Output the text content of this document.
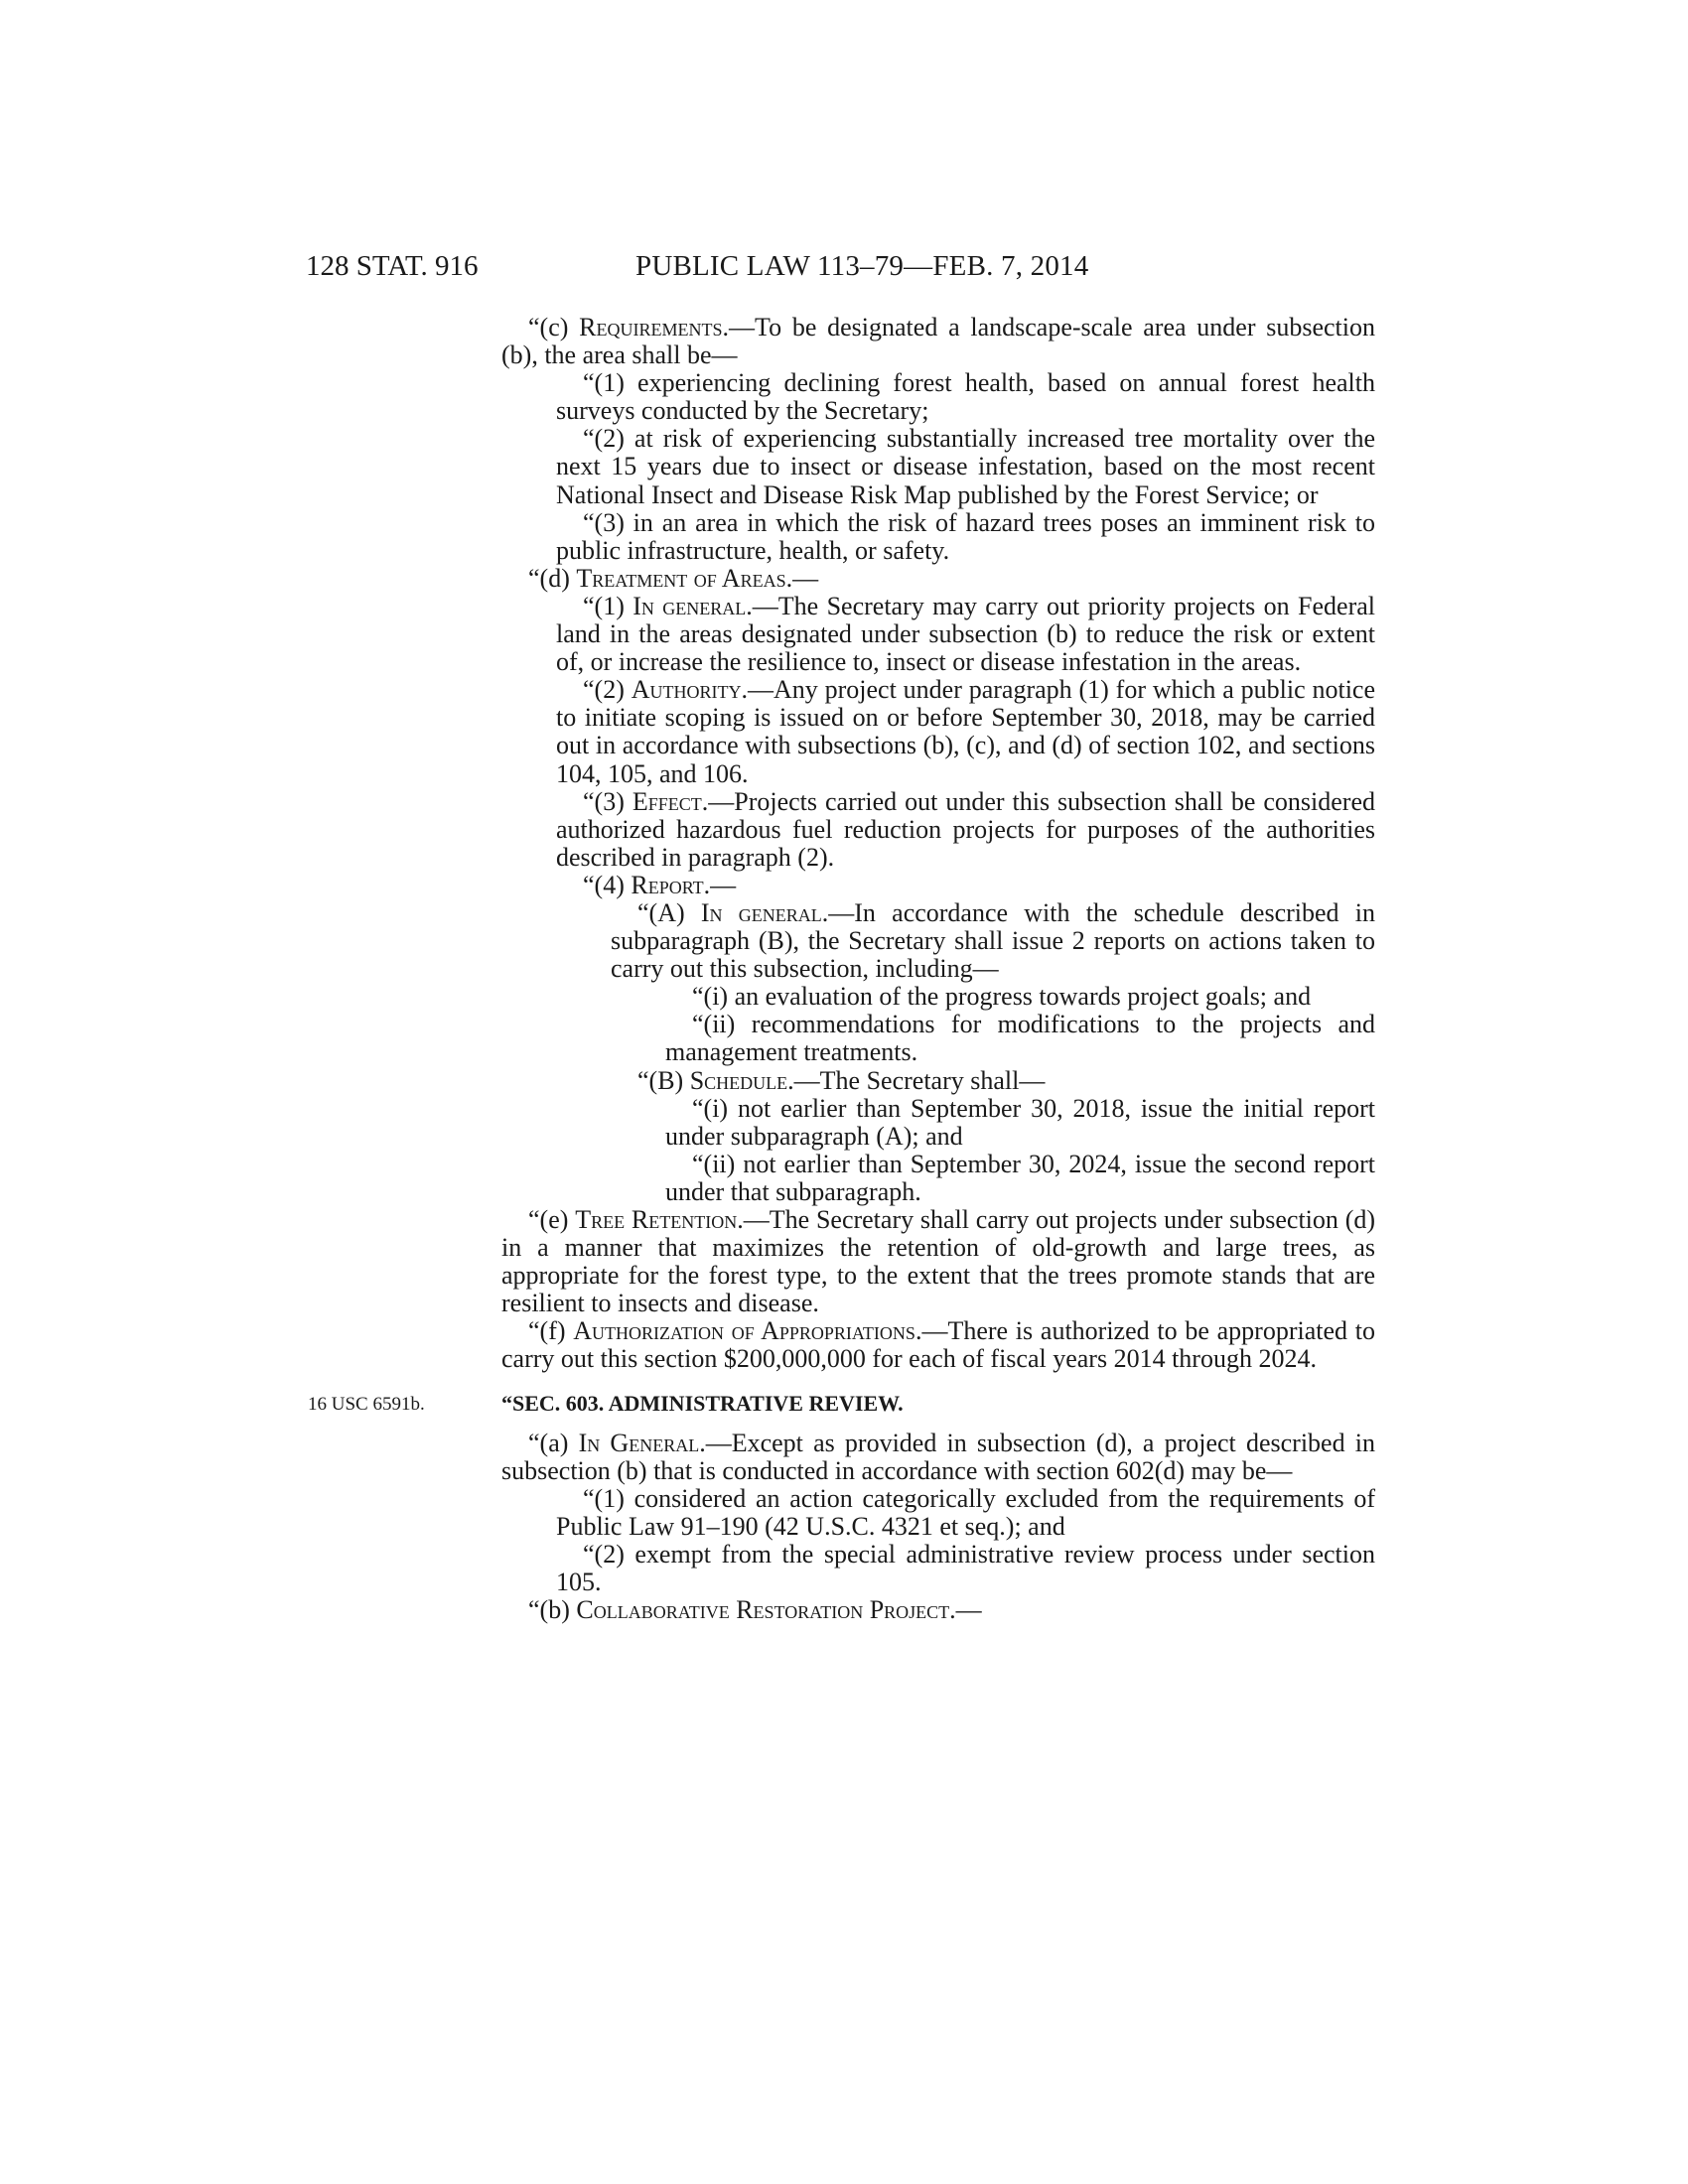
128 STAT. 916	PUBLIC LAW 113–79—FEB. 7, 2014

“(c) Requirements.—To be designated a landscape-scale area under subsection (b), the area shall be—

“(1) experiencing declining forest health, based on annual forest health surveys conducted by the Secretary;

“(2) at risk of experiencing substantially increased tree mortality over the next 15 years due to insect or disease infestation, based on the most recent National Insect and Disease Risk Map published by the Forest Service; or

“(3) in an area in which the risk of hazard trees poses an imminent risk to public infrastructure, health, or safety.

“(d) Treatment of Areas.—

“(1) In general.—The Secretary may carry out priority projects on Federal land in the areas designated under subsection (b) to reduce the risk or extent of, or increase the resilience to, insect or disease infestation in the areas.

“(2) Authority.—Any project under paragraph (1) for which a public notice to initiate scoping is issued on or before September 30, 2018, may be carried out in accordance with subsections (b), (c), and (d) of section 102, and sections 104, 105, and 106.

“(3) Effect.—Projects carried out under this subsection shall be considered authorized hazardous fuel reduction projects for purposes of the authorities described in paragraph (2).

“(4) Report.—

“(A) In general.—In accordance with the schedule described in subparagraph (B), the Secretary shall issue 2 reports on actions taken to carry out this subsection, including—

“(i) an evaluation of the progress towards project goals; and

“(ii) recommendations for modifications to the projects and management treatments.

“(B) Schedule.—The Secretary shall—

“(i) not earlier than September 30, 2018, issue the initial report under subparagraph (A); and

“(ii) not earlier than September 30, 2024, issue the second report under that subparagraph.

“(e) Tree Retention.—The Secretary shall carry out projects under subsection (d) in a manner that maximizes the retention of old-growth and large trees, as appropriate for the forest type, to the extent that the trees promote stands that are resilient to insects and disease.

“(f) Authorization of Appropriations.—There is authorized to be appropriated to carry out this section $200,000,000 for each of fiscal years 2014 through 2024.

16 USC 6591b.	“SEC. 603. ADMINISTRATIVE REVIEW.

“(a) In General.—Except as provided in subsection (d), a project described in subsection (b) that is conducted in accordance with section 602(d) may be—

“(1) considered an action categorically excluded from the requirements of Public Law 91–190 (42 U.S.C. 4321 et seq.); and

“(2) exempt from the special administrative review process under section 105.

“(b) Collaborative Restoration Project.—
